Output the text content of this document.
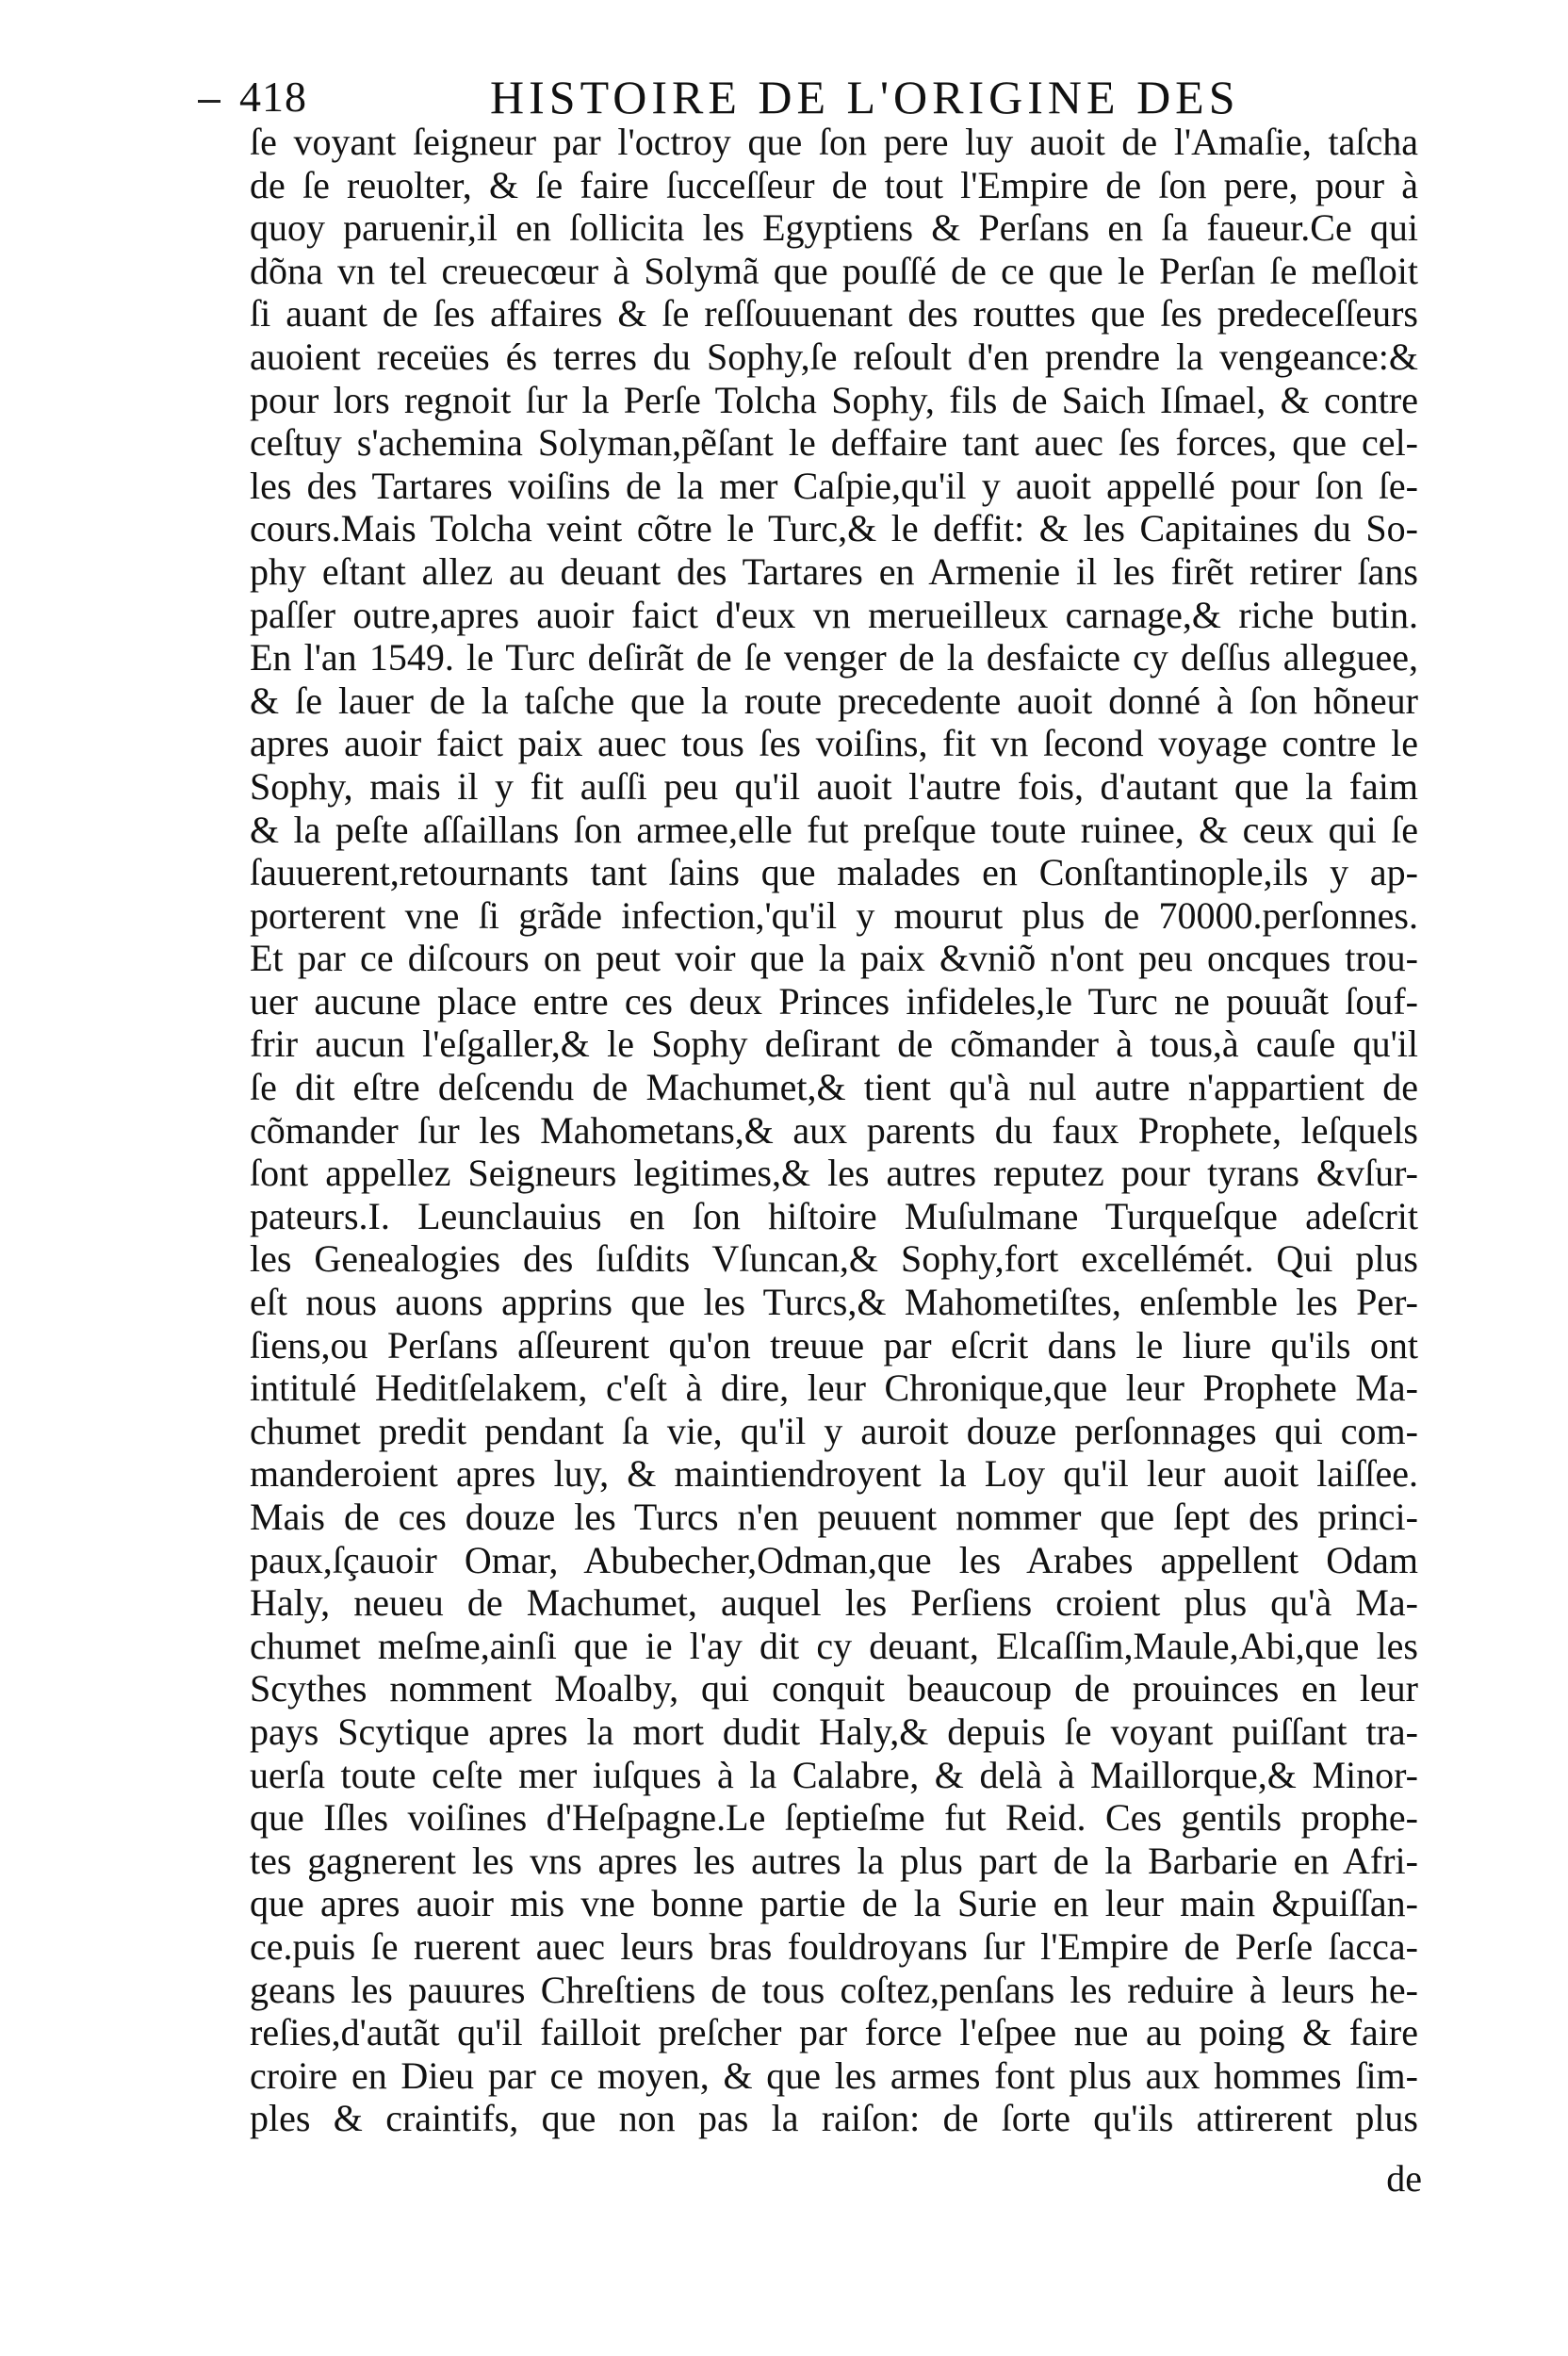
418	HISTOIRE DE L'ORIGINE DES
ſe voyant ſeigneur par l'octroy que ſon pere luy auoit de l'Amaſie, taſcha
de ſe reuolter, & ſe faire ſucceſſeur de tout l'Empire de ſon pere, pour à
quoy paruenir,il en ſollicita les Egyptiens & Perſans en ſa faueur.Ce qui
dõna vn tel creuecœur à Solymã que pouſſé de ce que le Perſan ſe meſloit
ſi auant de ſes affaires & ſe reſſouuenant des routtes que ſes predeceſſeurs
auoient receües és terres du Sophy,ſe reſoult d'en prendre la vengeance:&
pour lors regnoit ſur la Perſe Tolcha Sophy, fils de Saich Iſmael, & contre
ceſtuy s'achemina Solyman,pẽſant le deffaire tant auec ſes forces, que cel-
les des Tartares voiſins de la mer Caſpie,qu'il y auoit appellé pour ſon ſe-
cours.Mais Tolcha veint cõtre le Turc,& le deffit: & les Capitaines du So-
phy eſtant allez au deuant des Tartares en Armenie il les firẽt retirer ſans
paſſer outre,apres auoir faict d'eux vn merueilleux carnage,& riche butin.
En l'an 1549. le Turc deſirãt de ſe venger de la desfaicte cy deſſus alleguee,
& ſe lauer de la taſche que la route precedente auoit donné à ſon hõneur
apres auoir faict paix auec tous ſes voiſins, fit vn ſecond voyage contre le
Sophy, mais il y fit auſſi peu qu'il auoit l'autre fois, d'autant que la faim
& la peſte aſſaillans ſon armee,elle fut preſque toute ruinee, & ceux qui ſe
ſauuerent,retournants tant ſains que malades en Conſtantinople,ils y ap-
porterent vne ſi grãde infection,'qu'il y mourut plus de 70000.perſonnes.
Et par ce diſcours on peut voir que la paix &vniõ n'ont peu oncques trou-
uer aucune place entre ces deux Princes infideles,le Turc ne pouuãt ſouf-
frir aucun l'eſgaller,& le Sophy deſirant de cõmander à tous,à cauſe qu'il
ſe dit eſtre deſcendu de Machumet,& tient qu'à nul autre n'appartient de
cõmander ſur les Mahometans,& aux parents du faux Prophete, leſquels
ſont appellez Seigneurs legitimes,& les autres reputez pour tyrans &vſur-
pateurs.I. Leunclauius en ſon hiſtoire Muſulmane Turqueſque adeſcrit
les Genealogies des ſuſdits Vſuncan,& Sophy,fort excellémét. Qui plus
eſt nous auons apprins que les Turcs,& Mahometiſtes, enſemble les Per-
ſiens,ou Perſans aſſeurent qu'on treuue par eſcrit dans le liure qu'ils ont
intitulé Heditſelakem, c'eſt à dire, leur Chronique,que leur Prophete Ma-
chumet predit pendant ſa vie, qu'il y auroit douze perſonnages qui com-
manderoient apres luy, & maintiendroyent la Loy qu'il leur auoit laiſſee.
Mais de ces douze les Turcs n'en peuuent nommer que ſept des princi-
paux,ſçauoir Omar, Abubecher,Odman,que les Arabes appellent Odam
Haly, neueu de Machumet, auquel les Perſiens croient plus qu'à Ma-
chumet meſme,ainſi que ie l'ay dit cy deuant, Elcaſſim,Maule,Abi,que les
Scythes nomment Moalby, qui conquit beaucoup de prouinces en leur
pays Scytique apres la mort dudit Haly,& depuis ſe voyant puiſſant tra-
uerſa toute ceſte mer iuſques à la Calabre, & delà à Maillorque,& Minor-
que Iſles voiſines d'Heſpagne.Le ſeptieſme fut Reid. Ces gentils prophe-
tes gagnerent les vns apres les autres la plus part de la Barbarie en Afri-
que apres auoir mis vne bonne partie de la Surie en leur main &puiſſan-
ce.puis ſe ruerent auec leurs bras fouldroyans ſur l'Empire de Perſe ſacca-
geans les pauures Chreſtiens de tous coſtez,penſans les reduire à leurs he-
reſies,d'autãt qu'il failloit preſcher par force l'eſpee nue au poing & faire
croire en Dieu par ce moyen, & que les armes font plus aux hommes ſim-
ples & craintifs, que non pas la raiſon: de ſorte qu'ils attirerent plus
de
